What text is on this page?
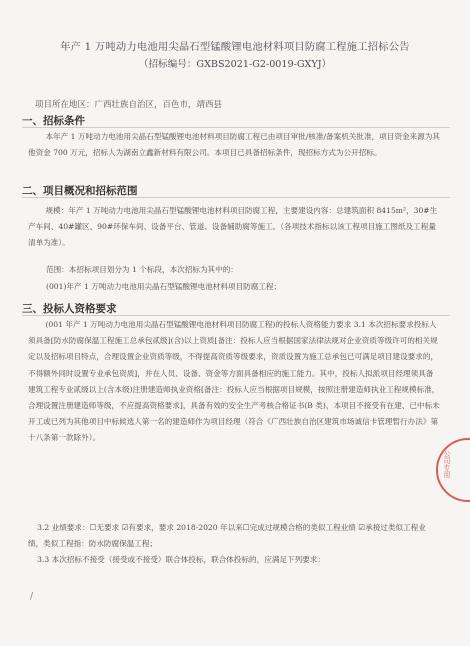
年产 1 万吨动力电池用尖晶石型锰酸锂电池材料项目防腐工程施工招标公告
（招标编号：GXBS2021-G2-0019-GXYJ）
项目所在地区：广西壮族自治区，百色市，靖西县
一、招标条件

本年产 1 万吨动力电池用尖晶石型锰酸锂电池材料项目防腐工程已由项目审批/核准/备案机关批准，项目资金来源为其他资金 700 万元，招标人为湖南立鑫新材料有限公司。本项目已具备招标条件，现招标方式为公开招标。

二、项目概况和招标范围

规模：年产 1 万吨动力电池用尖晶石型锰酸锂电池材料项目防腐工程，主要建设内容：总建筑面积 8415m²，30#生产车间、40#罐区、90#环保车间、设备平台、管道、设备辅助腐等施工。（各项技术指标以该工程项目施工图纸及工程量清单为准）。

范围：本招标项目划分为 1 个标段，本次招标为其中的：
(001)年产 1 万吨动力电池用尖晶石型锰酸锂电池材料项目防腐工程；
三、投标人资格要求

(001 年产 1 万吨动力电池用尖晶石型锰酸锂电池材料项目防腐工程)的投标人资格能力要求 3.1 本次招标要求投标人须具备[防水防腐保温工程施工总承包贰级](含)以上资质[备注：投标人应当根据国家法律法规对企业资质等级许可的相关规定以及招标项目特点，合理设置企业资质等级，不得提高资质等级要求，资质设置为施工总承包已可满足项目建设要求的，不得额外同时设置专业承包资质]，并在人员、设备、资金等方面具备相应的施工能力。其中，投标人拟派项目经理须具备建筑工程专业贰级以上(含本级)注册建造师执业资格[备注：投标人应当根据项目规模，按照注册建造师执业工程规模标准，合理设置注册建造师等级，不应提高资格要求]，具备有效的安全生产考核合格证书(B 类)，本项目不接受有在建、已中标未开工或已列为其他项目中标候选人第一名的建造师作为项目经理（符合《广西壮族自治区建筑市场诚信卡管理暂行办法》第十八条第一款除外）。

3.2 业绩要求：☐无要求 ☑有要求，要求 2018-2020 年以来☐完成过规模合格的类似工程业绩 ☑承接过类似工程业绩，类似工程指：防水防腐保温工程；

3.3 本次招标不接受（接受或不接受）联合体投标，联合体投标的，应满足下列要求：

/
公司专用
